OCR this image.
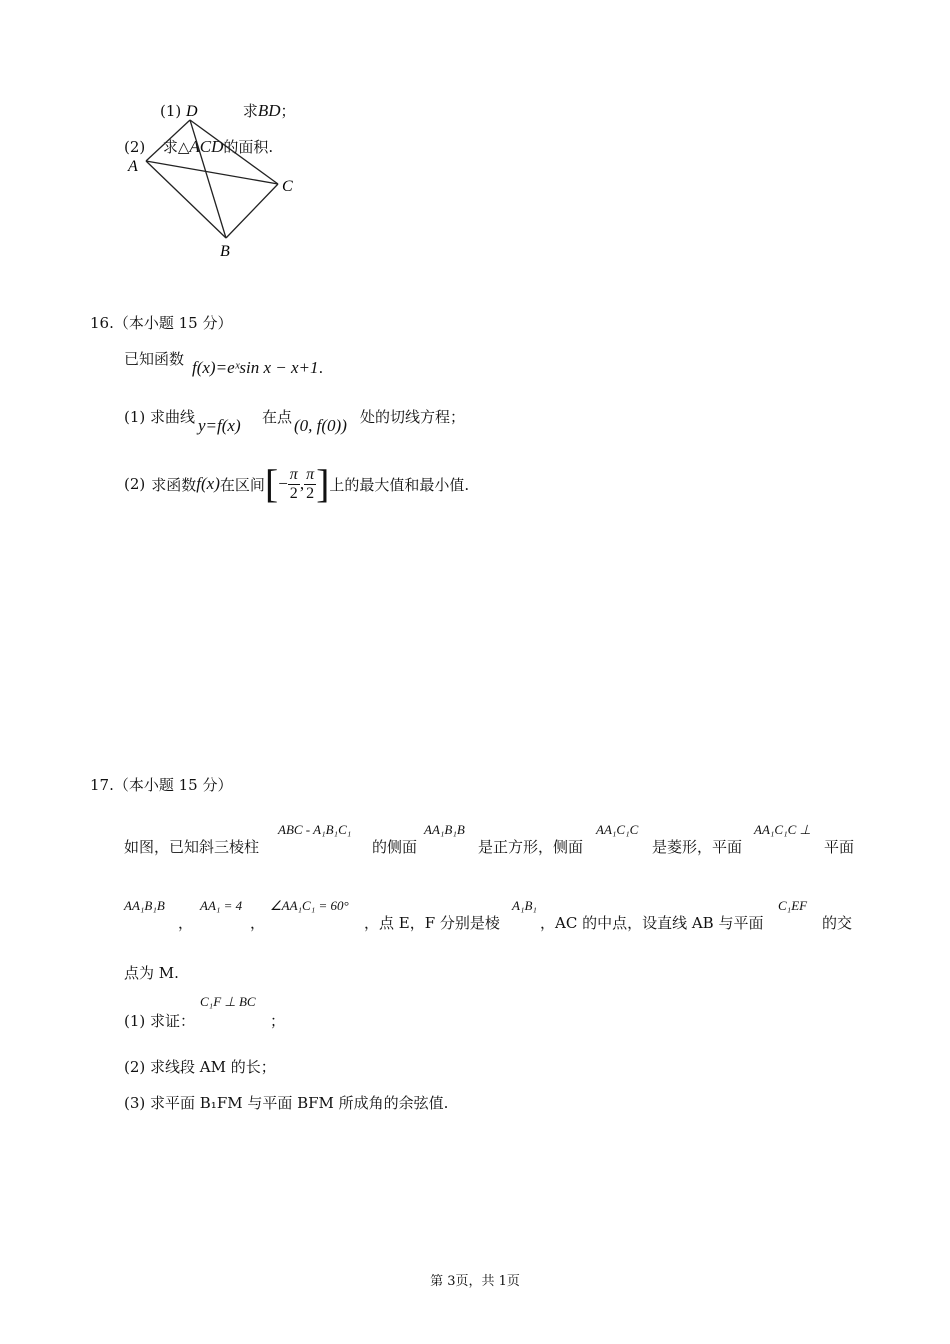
(1)	求BD；
(2) 求△ACD的面积.
D
A
C
B
16.（本小题 15 分）
已知函数 f(x)=eˣsin x − x+1.
(1) 求曲线 y=f(x) 在点 (0, f(0)) 处的切线方程；
(2) 求函数 f(x) 在区间 [ − $\frac{\pi}{2}$ , $\frac{\pi}{2}$ ] 上的最大值和最小值.
17.（本小题 15 分）
如图，已知斜三棱柱
ABC - A₁B₁C₁
的侧面
AA₁B₁B
是正方形，侧面
AA₁C₁C
是菱形，平面
AA₁C₁C ⊥
平面
AA₁B₁B
，
AA₁ = 4
，
∠AA₁C₁ = 60°
，点 E，F 分别是棱
A₁B₁
，AC 的中点，设直线 AB 与平面
C₁EF
的交
点为 M.
(1) 求证：
C₁F ⊥ BC
；
(2) 求线段 AM 的长；
(3) 求平面 B₁FM 与平面 BFM 所成角的余弦值.
第 3页，共 1页
